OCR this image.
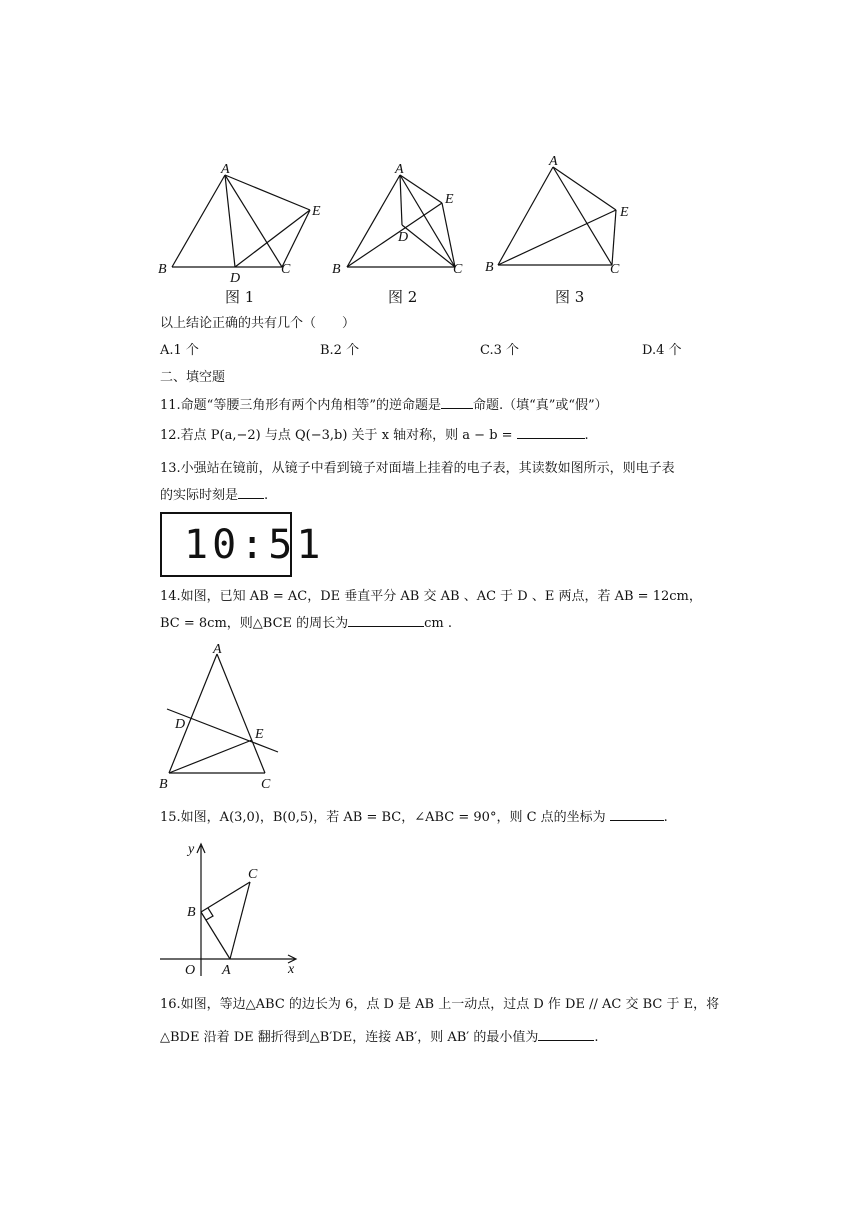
A
B	C
D
E
图 1
A
B	C
D
E
图 2
A
B	C
E
图 3
以上结论正确的共有几个（　　）
A.1 个	B.2 个	C.3 个	D.4 个
二、填空题
11.命题“等腰三角形有两个内角相等”的逆命题是 命题.（填“真”或“假”）
12.若点 P(a,−2) 与点 Q(−3,b) 关于 x 轴对称，则 a − b =	.
13.小强站在镜前，从镜子中看到镜子对面墙上挂着的电子表，其读数如图所示，则电子表
的实际时刻是 .
10:51
14.如图，已知 AB = AC，DE 垂直平分 AB 交 AB 、AC 于 D 、E 两点，若 AB = 12cm，
BC = 8cm，则△BCE 的周长为	cm .
A
B	C
D
E
15.如图，A(3,0)，B(0,5)，若 AB = BC，∠ABC = 90°，则 C 点的坐标为	.
y
x
O A
B
C
16.如图，等边△ABC 的边长为 6，点 D 是 AB 上一动点，过点 D 作 DE // AC 交 BC 于 E，将
△BDE 沿着 DE 翻折得到△B′DE，连接 AB′，则 AB′ 的最小值为	.
